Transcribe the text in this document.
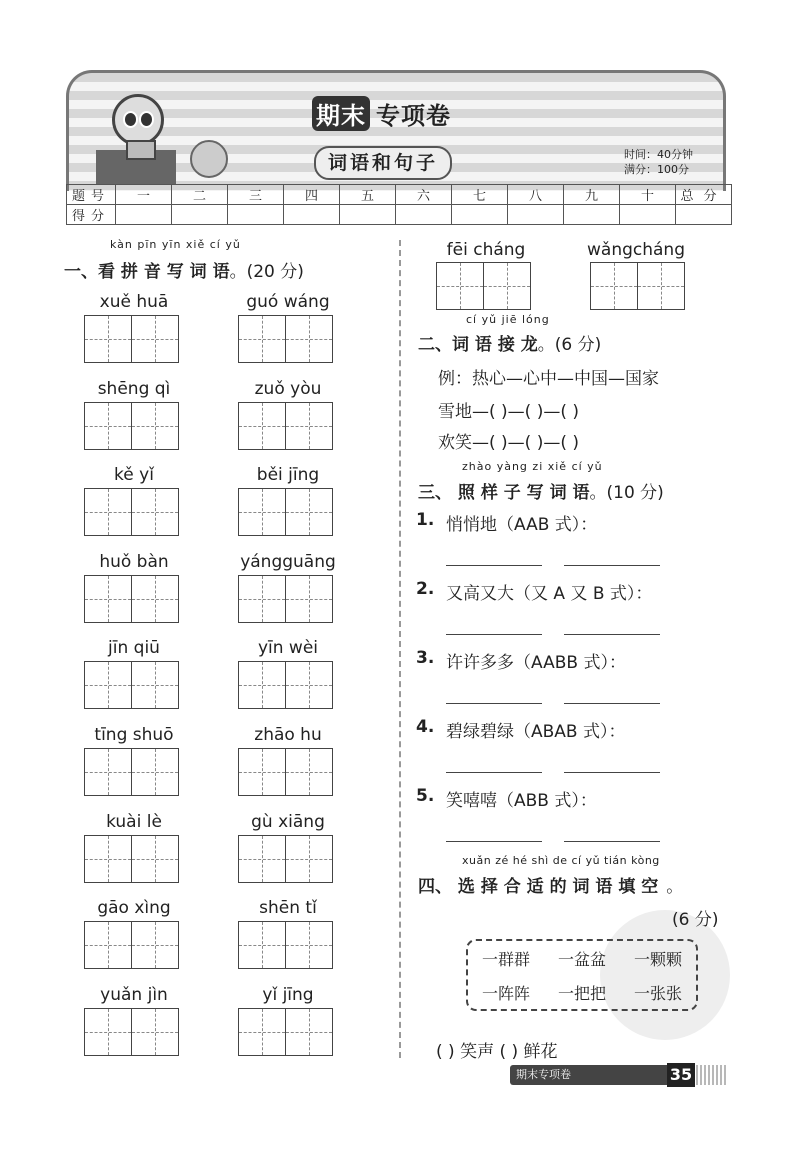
期末 专项卷
词语和句子	时间：40分钟
满分：100分
题号	一	二	三	四	五	六	七	八	九	十	总分
得分											
kàn pīn yīn xiě cí yǔ
一、看 拼 音 写 词 语。(20 分)
xuě huā	guó wáng
shēng qì	zuǒ yòu
kě yǐ	běi jīng
huǒ bàn	yángguāng
jīn qiū	yīn wèi
tīng shuō	zhāo hu
kuài lè	gù xiāng
gāo xìng	shēn tǐ
yuǎn jìn	yǐ jīng
fēi cháng	wǎngcháng
cí yǔ jiē lóng
二、词 语 接 龙。(6 分)
例：热心—心中—中国—国家
雪地—( )—( )—( )
欢笑—( )—( )—( )
zhào yàng zi xiě cí yǔ
三、 照 样 子 写 词 语。(10 分)
1. 悄悄地（AAB 式）：
2. 又高又大（又 A 又 B 式）：
3. 许许多多（AABB 式）：
4. 碧绿碧绿（ABAB 式）：
5. 笑嘻嘻（ABB 式）：
xuǎn zé hé shì de cí yǔ tián kòng
四、 选 择 合 适 的 词 语 填 空 。
(6 分)
一群群 一盆盆 一颗颗
一阵阵 一把把 一张张
( ) 笑声 ( ) 鲜花
期末专项卷	35
